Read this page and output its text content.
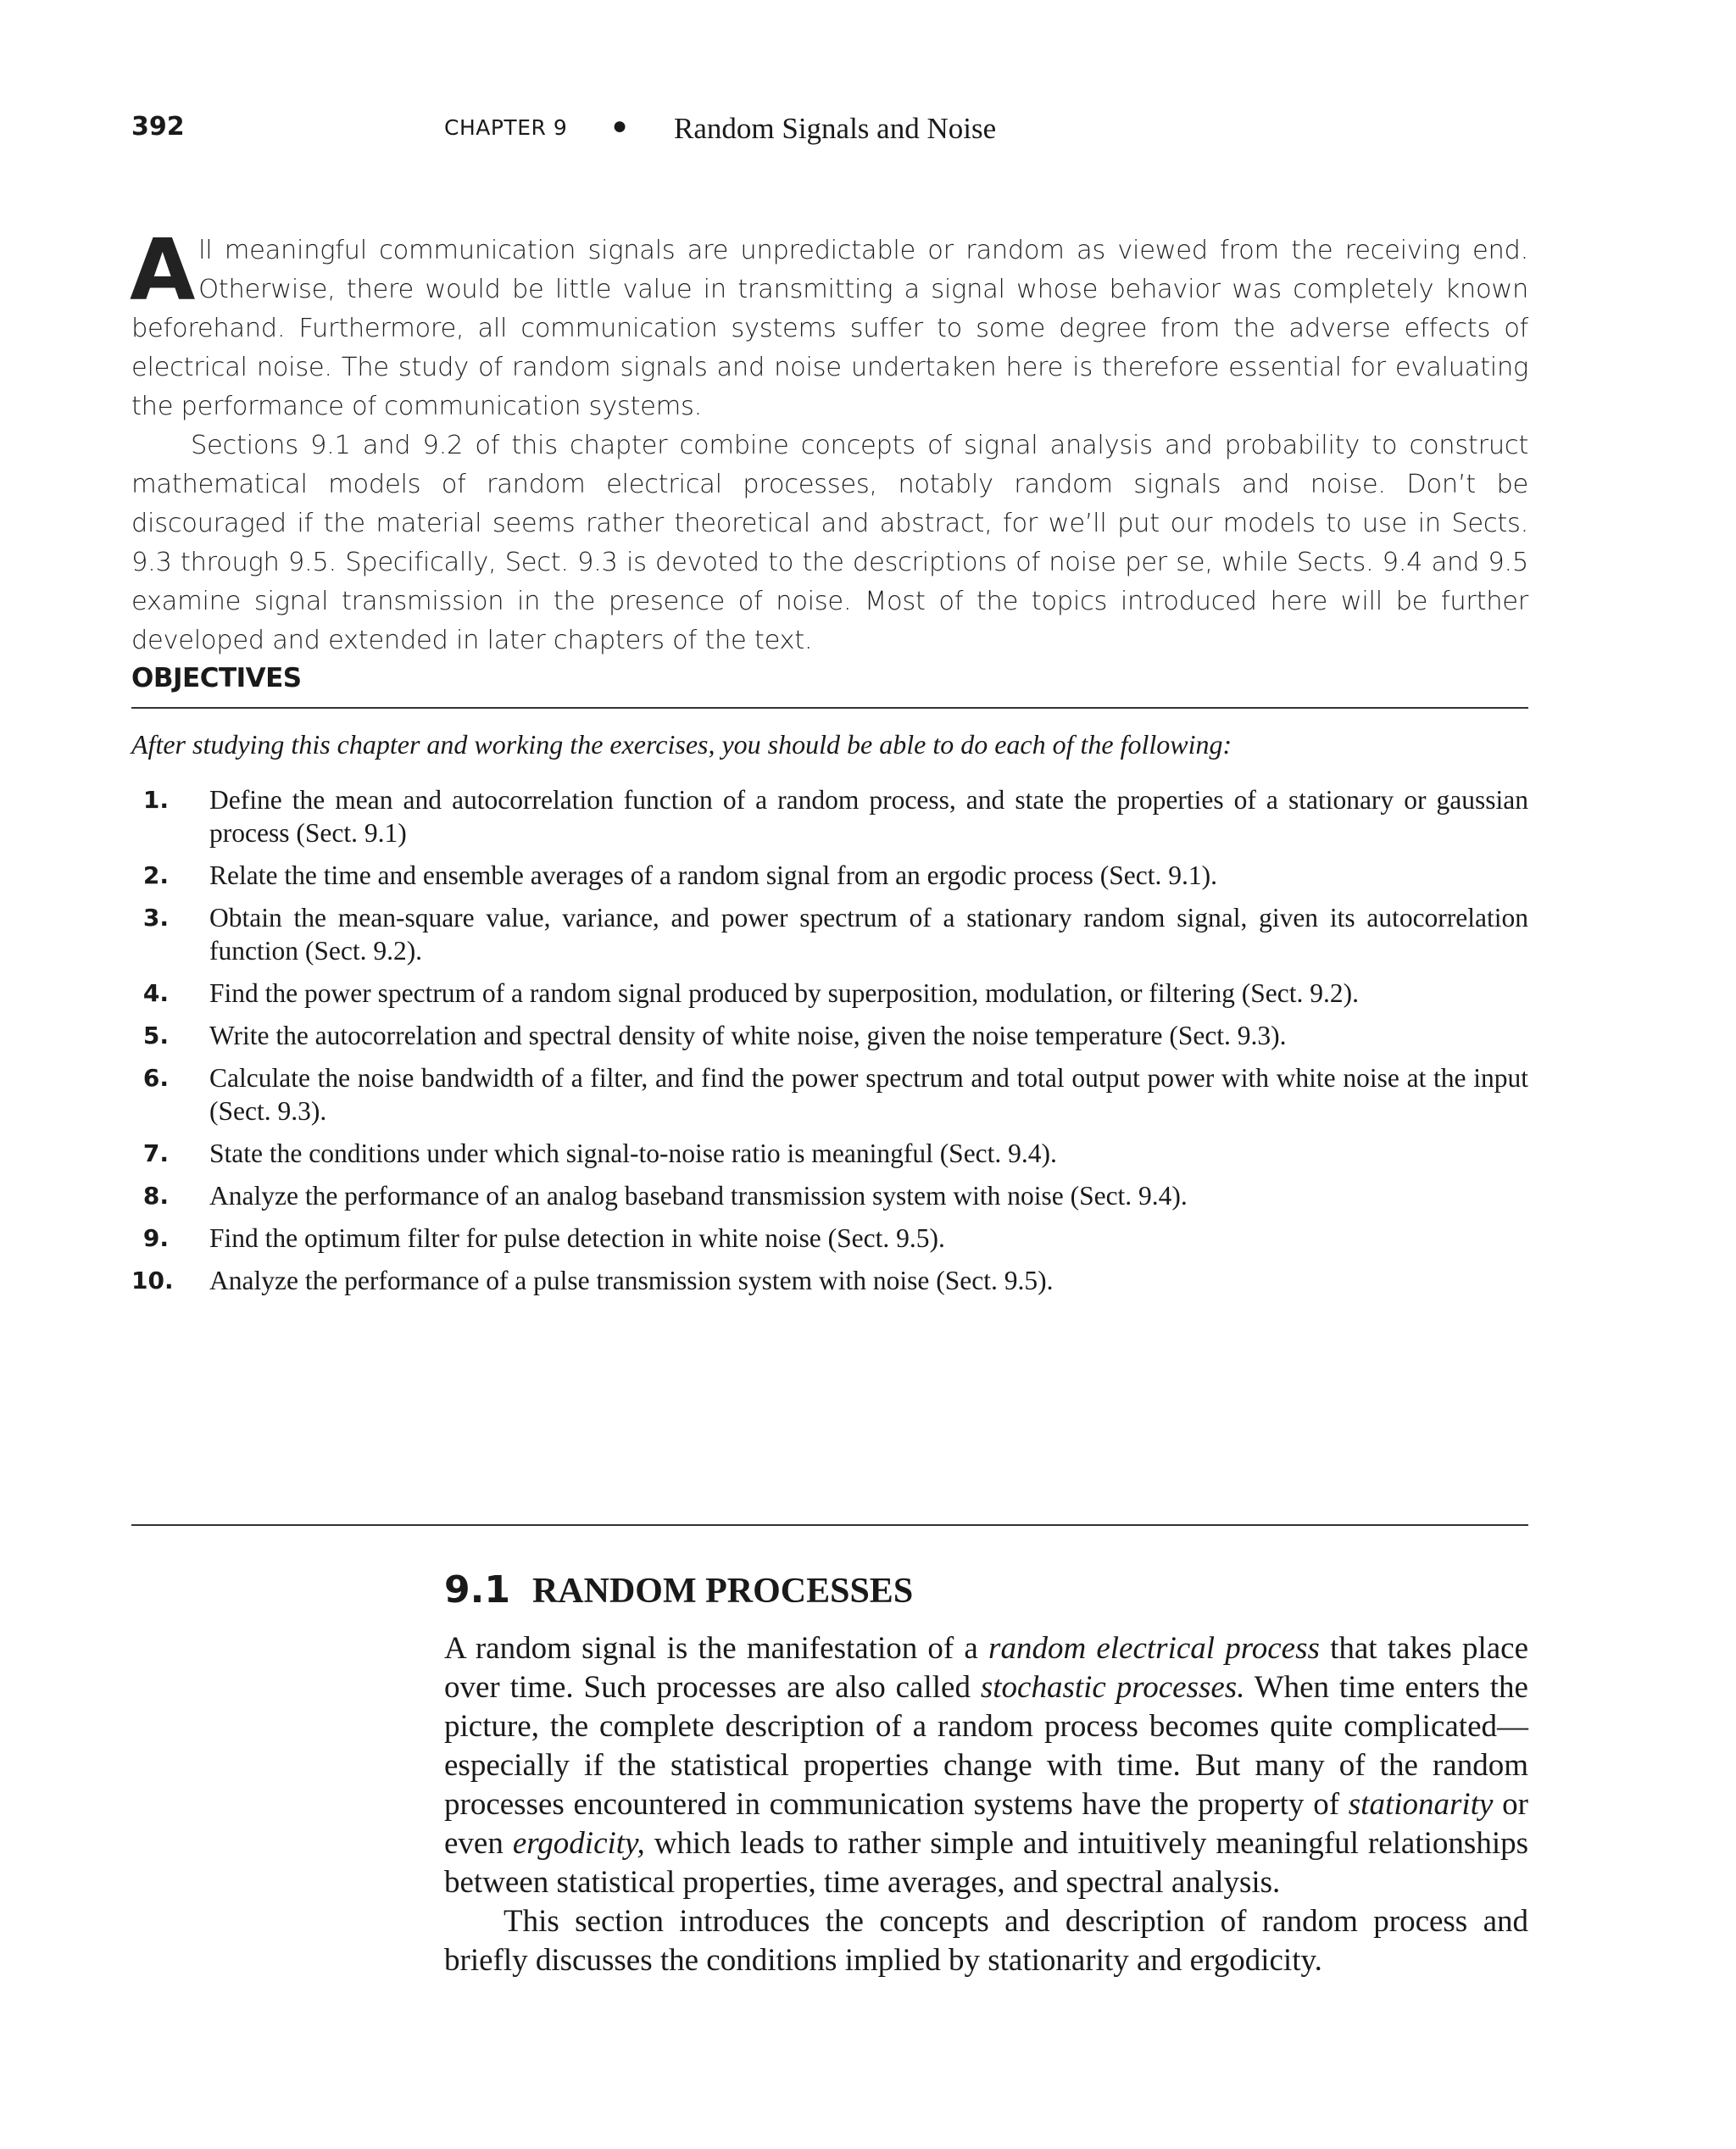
392	CHAPTER 9 ● Random Signals and Noise

All meaningful communication signals are unpredictable or random as viewed from the receiving end. Otherwise, there would be little value in transmitting a signal whose behavior was completely known beforehand. Furthermore, all communication systems suffer to some degree from the adverse effects of electrical noise. The study of random signals and noise undertaken here is therefore essential for evaluating the performance of communication systems.

Sections 9.1 and 9.2 of this chapter combine concepts of signal analysis and probability to construct mathematical models of random electrical processes, notably random signals and noise. Don’t be discouraged if the material seems rather theoretical and abstract, for we’ll put our models to use in Sects. 9.3 through 9.5. Specifically, Sect. 9.3 is devoted to the descriptions of noise per se, while Sects. 9.4 and 9.5 examine signal transmission in the presence of noise. Most of the topics introduced here will be further developed and extended in later chapters of the text.

OBJECTIVES
After studying this chapter and working the exercises, you should be able to do each of the following:
1. Define the mean and autocorrelation function of a random process, and state the properties of a stationary or gaussian process (Sect. 9.1)
2. Relate the time and ensemble averages of a random signal from an ergodic process (Sect. 9.1).
3. Obtain the mean-square value, variance, and power spectrum of a stationary random signal, given its autocorrelation function (Sect. 9.2).
4. Find the power spectrum of a random signal produced by superposition, modulation, or filtering (Sect. 9.2).
5. Write the autocorrelation and spectral density of white noise, given the noise temperature (Sect. 9.3).
6. Calculate the noise bandwidth of a filter, and find the power spectrum and total output power with white noise at the input (Sect. 9.3).
7. State the conditions under which signal-to-noise ratio is meaningful (Sect. 9.4).
8. Analyze the performance of an analog baseband transmission system with noise (Sect. 9.4).
9. Find the optimum filter for pulse detection in white noise (Sect. 9.5).
10. Analyze the performance of a pulse transmission system with noise (Sect. 9.5).
9.1 RANDOM PROCESSES

A random signal is the manifestation of a random electrical process that takes place over time. Such processes are also called stochastic processes. When time enters the picture, the complete description of a random process becomes quite complicated—especially if the statistical properties change with time. But many of the random processes encountered in communication systems have the property of stationarity or even ergodicity, which leads to rather simple and intuitively meaningful relationships between statistical properties, time averages, and spectral analysis.

This section introduces the concepts and description of random process and briefly discusses the conditions implied by stationarity and ergodicity.
